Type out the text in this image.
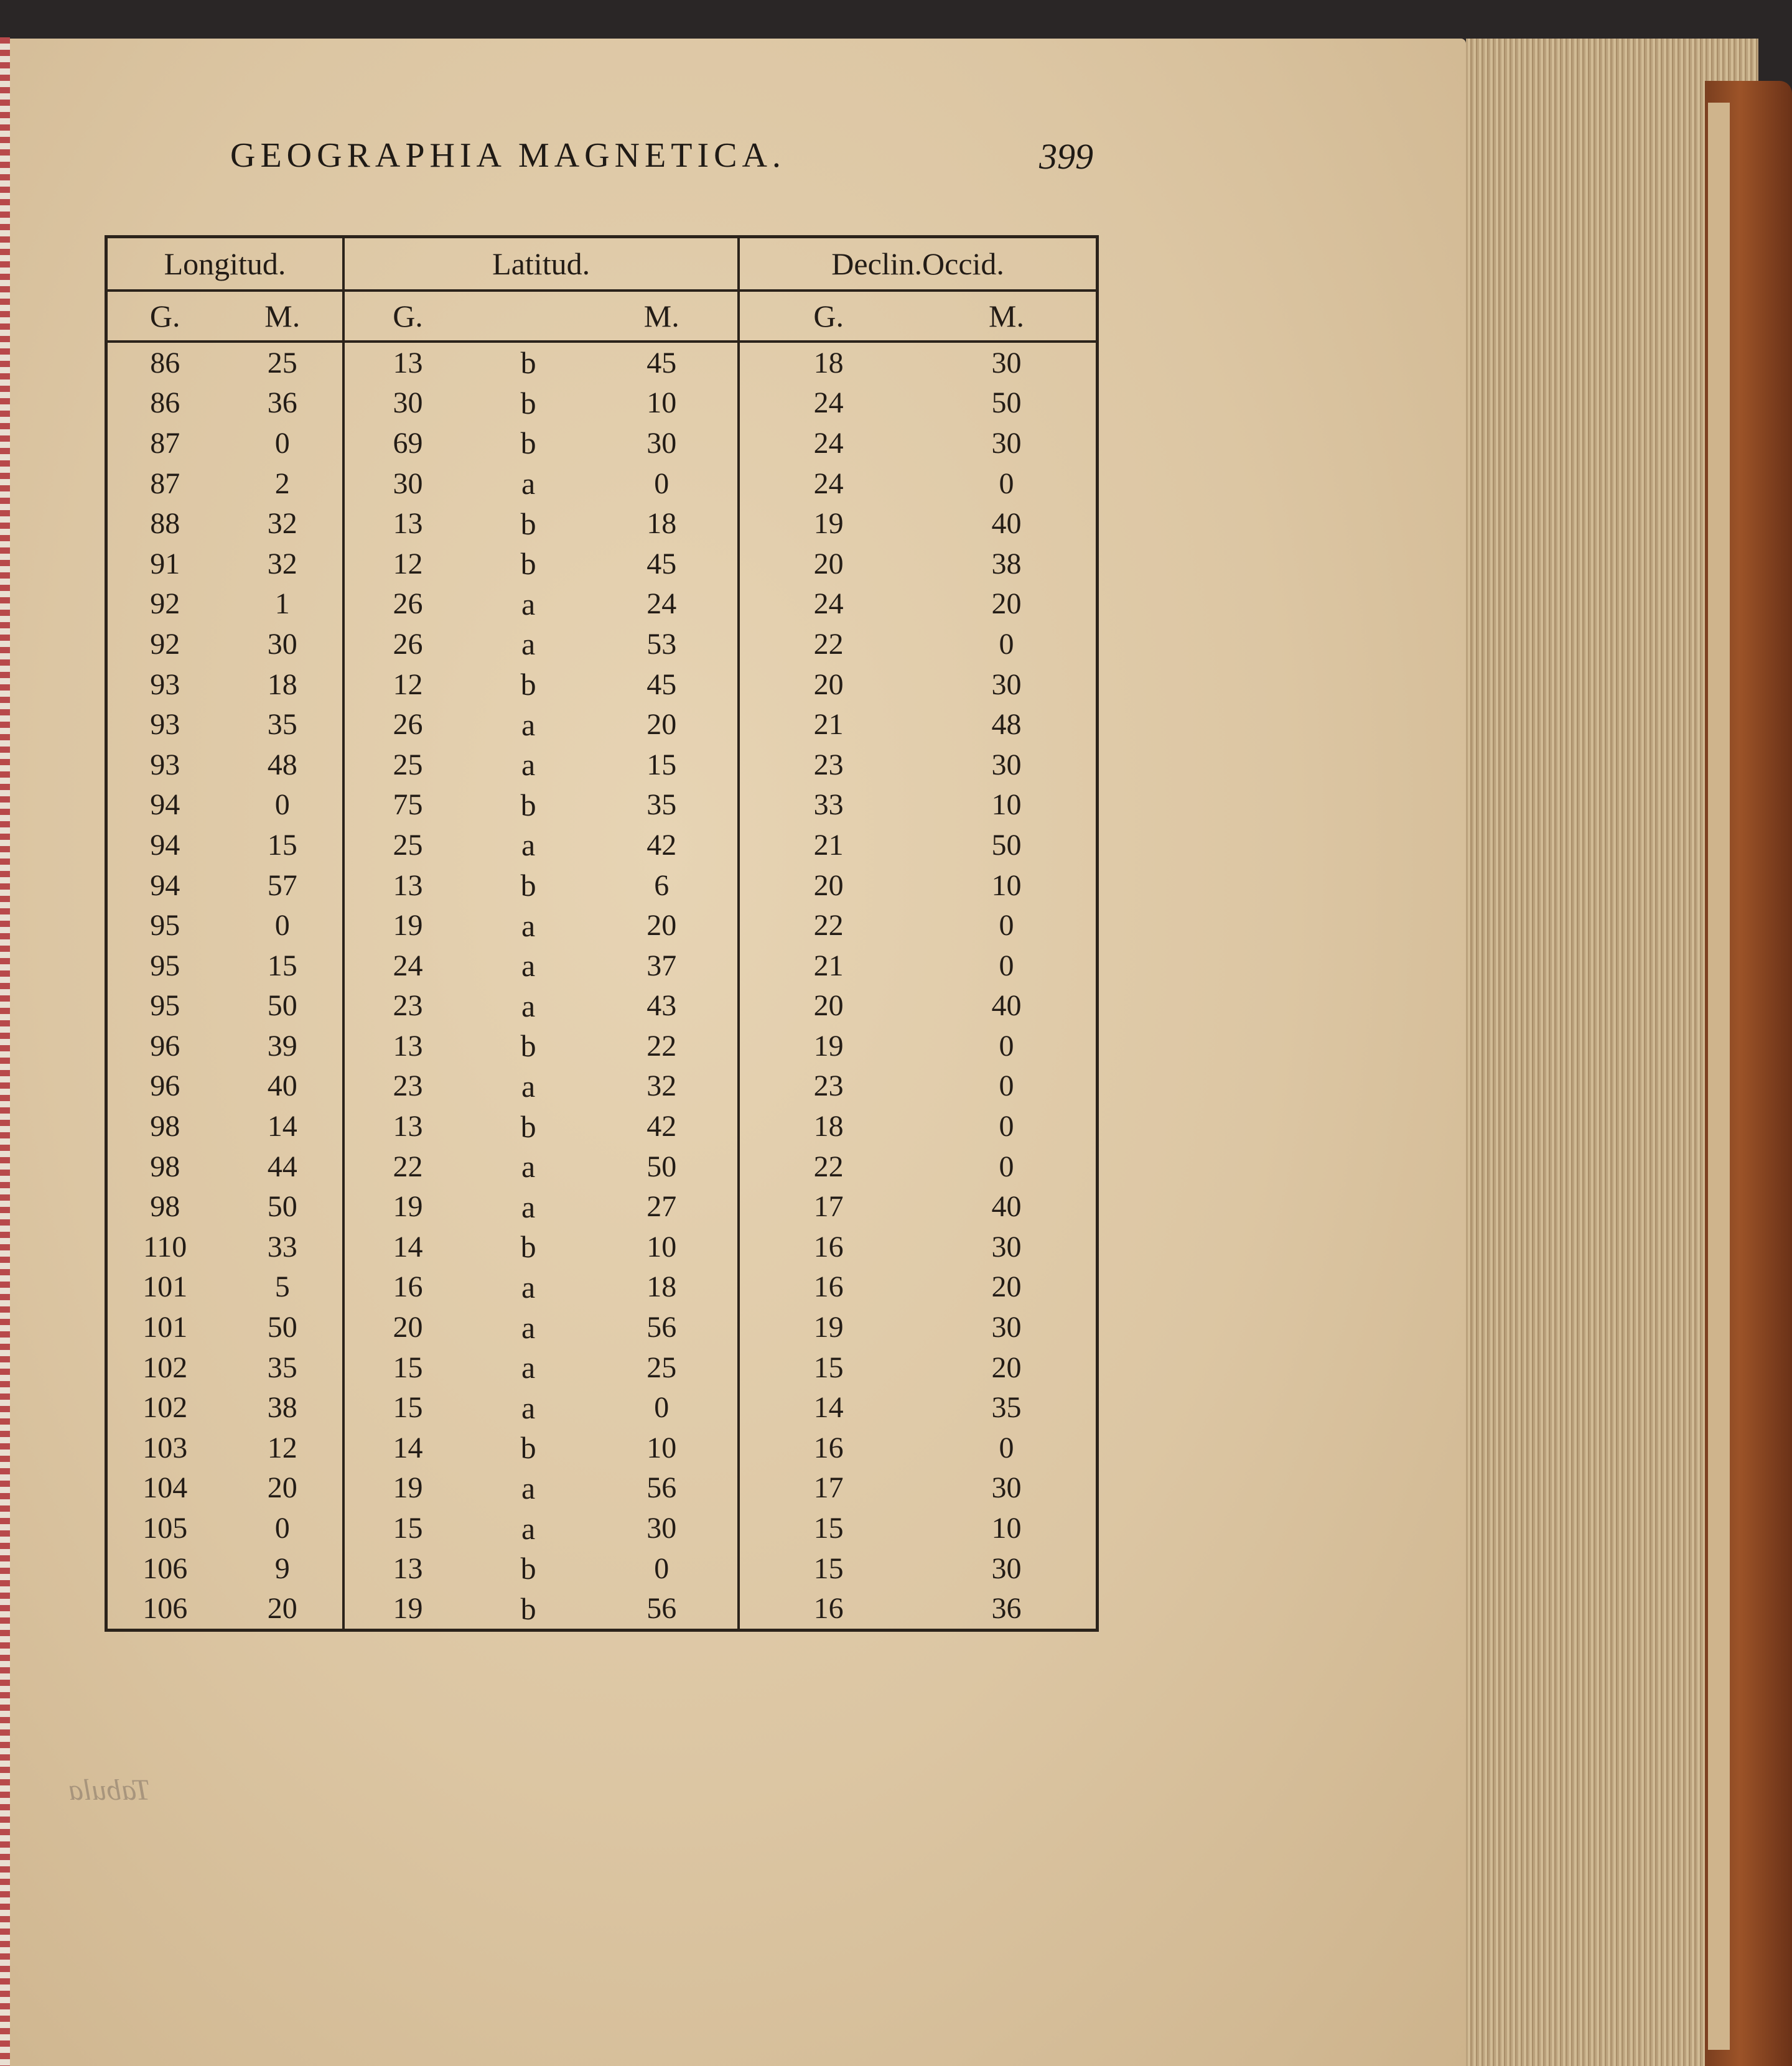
GEOGRAPHIA MAGNETICA.	399
Longitud.		Latitud.			Declin.Occid.	
G.	M.	G.		M.	G.	M.
86	25	13	b	45	18	30
86	36	30	b	10	24	50
87	0	69	b	30	24	30
87	2	30	a	0	24	0
88	32	13	b	18	19	40
91	32	12	b	45	20	38
92	1	26	a	24	24	20
92	30	26	a	53	22	0
93	18	12	b	45	20	30
93	35	26	a	20	21	48
93	48	25	a	15	23	30
94	0	75	b	35	33	10
94	15	25	a	42	21	50
94	57	13	b	6	20	10
95	0	19	a	20	22	0
95	15	24	a	37	21	0
95	50	23	a	43	20	40
96	39	13	b	22	19	0
96	40	23	a	32	23	0
98	14	13	b	42	18	0
98	44	22	a	50	22	0
98	50	19	a	27	17	40
110	33	14	b	10	16	30
101	5	16	a	18	16	20
101	50	20	a	56	19	30
102	35	15	a	25	15	20
102	38	15	a	0	14	35
103	12	14	b	10	16	0
104	20	19	a	56	17	30
105	0	15	a	30	15	10
106	9	13	b	0	15	30
106	20	19	b	56	16	36
Tabula
